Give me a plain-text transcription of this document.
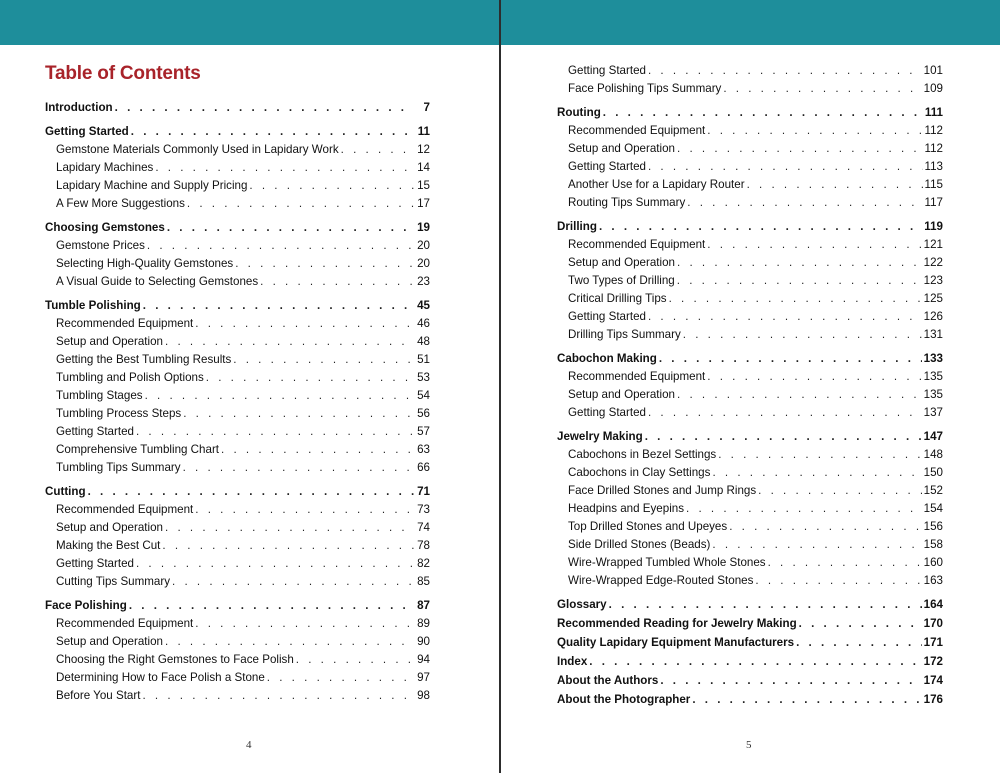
Table of Contents
Introduction . . .	7
Getting Started . . .	11
Gemstone Materials Commonly Used in Lapidary Work . . .	12
Lapidary Machines . . .	14
Lapidary Machine and Supply Pricing . . .	15
A Few More Suggestions . . .	17
Choosing Gemstones . . .	19
Gemstone Prices . . .	20
Selecting High-Quality Gemstones . . .	20
A Visual Guide to Selecting Gemstones . . .	23
Tumble Polishing . . .	45
Recommended Equipment . . .	46
Setup and Operation . . .	48
Getting the Best Tumbling Results . . .	51
Tumbling and Polish Options . . .	53
Tumbling Stages . . .	54
Tumbling Process Steps . . .	56
Getting Started . . .	57
Comprehensive Tumbling Chart . . .	63
Tumbling Tips Summary . . .	66
Cutting . . .	71
Recommended Equipment . . .	73
Setup and Operation . . .	74
Making the Best Cut . . .	78
Getting Started . . .	82
Cutting Tips Summary . . .	85
Face Polishing . . .	87
Recommended Equipment . . .	89
Setup and Operation . . .	90
Choosing the Right Gemstones to Face Polish . . .	94
Determining How to Face Polish a Stone . . .	97
Before You Start . . .	98
4
Getting Started . . .	101
Face Polishing Tips Summary . . .	109
Routing . . .	111
Recommended Equipment . . .	112
Setup and Operation . . .	112
Getting Started . . .	113
Another Use for a Lapidary Router . . .	115
Routing Tips Summary . . .	117
Drilling . . .	119
Recommended Equipment . . .	121
Setup and Operation . . .	122
Two Types of Drilling . . .	123
Critical Drilling Tips . . .	125
Getting Started . . .	126
Drilling Tips Summary . . .	131
Cabochon Making . . .	133
Recommended Equipment . . .	135
Setup and Operation . . .	135
Getting Started . . .	137
Jewelry Making . . .	147
Cabochons in Bezel Settings . . .	148
Cabochons in Clay Settings . . .	150
Face Drilled Stones and Jump Rings . . .	152
Headpins and Eyepins . . .	154
Top Drilled Stones and Upeyes . . .	156
Side Drilled Stones (Beads) . . .	158
Wire-Wrapped Tumbled Whole Stones . . .	160
Wire-Wrapped Edge-Routed Stones . . .	163
Glossary . . .	164
Recommended Reading for Jewelry Making . . .	170
Quality Lapidary Equipment Manufacturers . . .	171
Index . . .	172
About the Authors . . .	174
About the Photographer . . .	176
5
